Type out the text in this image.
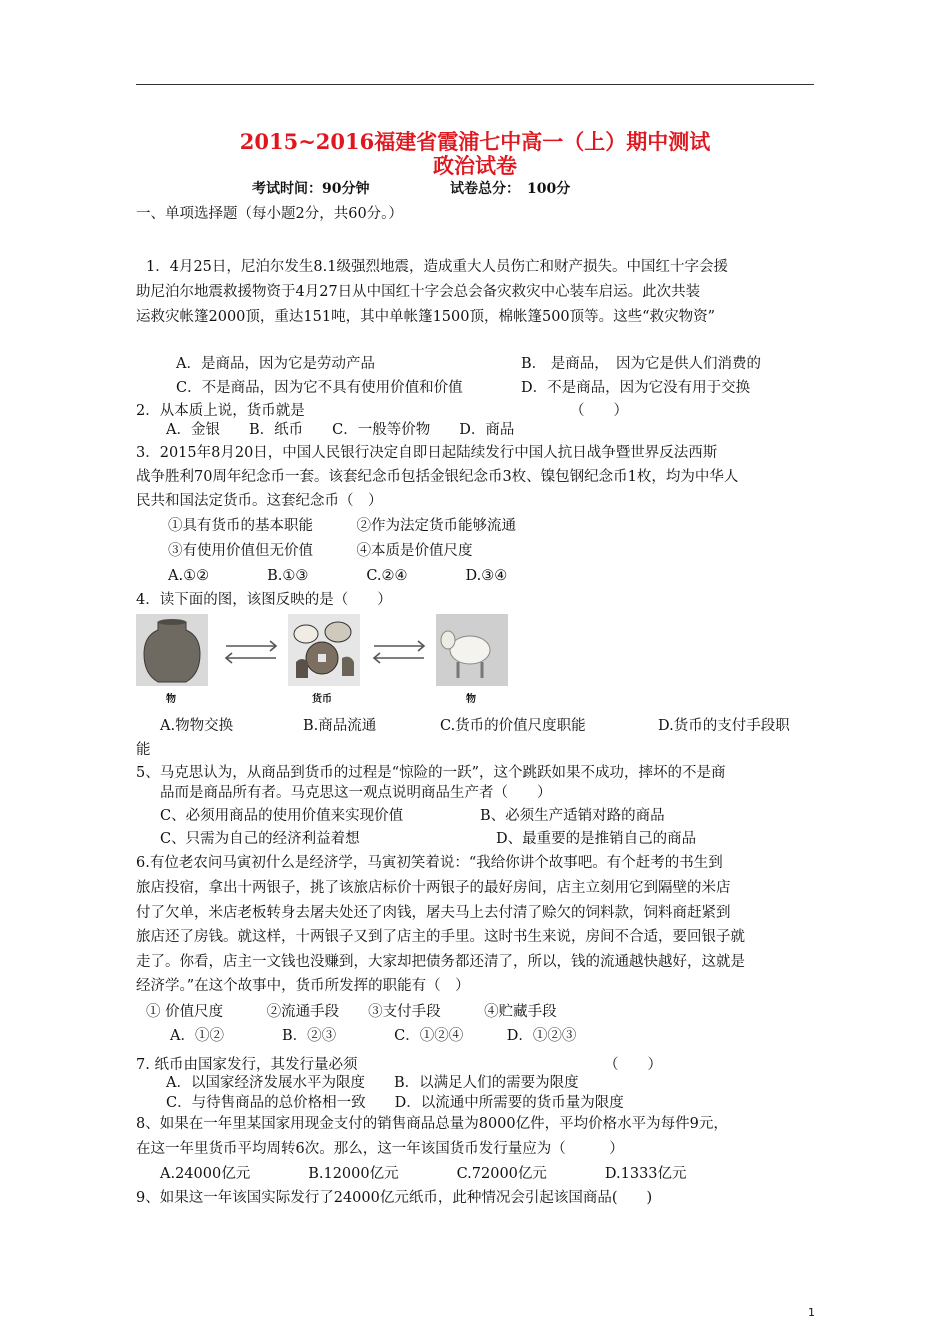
2015~2016福建省霞浦七中高一（上）期中测试
政治试卷
考试时间：90分钟	试卷总分：　100分
一、单项选择题（每小题2分，共60分。）
1．4月25日，尼泊尔发生8.1级强烈地震，造成重大人员伤亡和财产损失。中国红十字会援
助尼泊尔地震救援物资于4月27日从中国红十字会总会备灾救灾中心装车启运。此次共装
运救灾帐篷2000顶，重达151吨，其中单帐篷1500顶，棉帐篷500顶等。这些“救灾物资”
A．是商品，因为它是劳动产品	B． 是商品，　因为它是供人们消费的
C．不是商品，因为它不具有使用价值和价值	D．不是商品，因为它没有用于交换
2．从本质上说，货币就是	（　　）
A．金银　　B．纸币　　C．一般等价物　　D．商品
3．2015年8月20日，中国人民银行决定自即日起陆续发行中国人抗日战争暨世界反法西斯
战争胜利70周年纪念币一套。该套纪念币包括金银纪念币3枚、镍包钢纪念币1枚，均为中华人
民共和国法定货币。这套纪念币（　）
①具有货币的基本职能　　　②作为法定货币能够流通
③有使用价值但无价值　　　④本质是价值尺度
A.①②　　　　B.①③　　　　C.②④　　　　D.③④
4．读下面的图，该图反映的是（　　）
物	货币	物
A.物物交换	B.商品流通	C.货币的价值尺度职能	D.货币的支付手段职
能
5、马克思认为，从商品到货币的过程是“惊险的一跃”，这个跳跃如果不成功，摔坏的不是商
品而是商品所有者。马克思这一观点说明商品生产者（　　）
C、必须用商品的使用价值来实现价值	B、必须生产适销对路的商品
C、只需为自己的经济利益着想	D、最重要的是推销自己的商品
6.有位老农问马寅初什么是经济学，马寅初笑着说：“我给你讲个故事吧。有个赶考的书生到
旅店投宿，拿出十两银子，挑了该旅店标价十两银子的最好房间，店主立刻用它到隔壁的米店
付了欠单，米店老板转身去屠夫处还了肉钱，屠夫马上去付清了赊欠的饲料款，饲料商赶紧到
旅店还了房钱。就这样，十两银子又到了店主的手里。这时书生来说，房间不合适，要回银子就
走了。你看，店主一文钱也没赚到，大家却把债务都还清了，所以，钱的流通越快越好，这就是
经济学。”在这个故事中，货币所发挥的职能有（　）
① 价值尺度　　　②流通手段　　③支付手段　　　④贮藏手段
A．①②　　　　B．②③　　　　C．①②④　　　D．①②③
7. 纸币由国家发行，其发行量必须	（　　）
A．以国家经济发展水平为限度　　B．以满足人们的需要为限度
C．与待售商品的总价格相一致　　D．以流通中所需要的货币量为限度
8、如果在一年里某国家用现金支付的销售商品总量为8000亿件，平均价格水平为每件9元，
在这一年里货币平均周转6次。那么，这一年该国货币发行量应为（　　　）
A.24000亿元　　　　B.12000亿元　　　　C.72000亿元　　　　D.1333亿元
9、如果这一年该国实际发行了24000亿元纸币，此种情况会引起该国商品(　　)
1
